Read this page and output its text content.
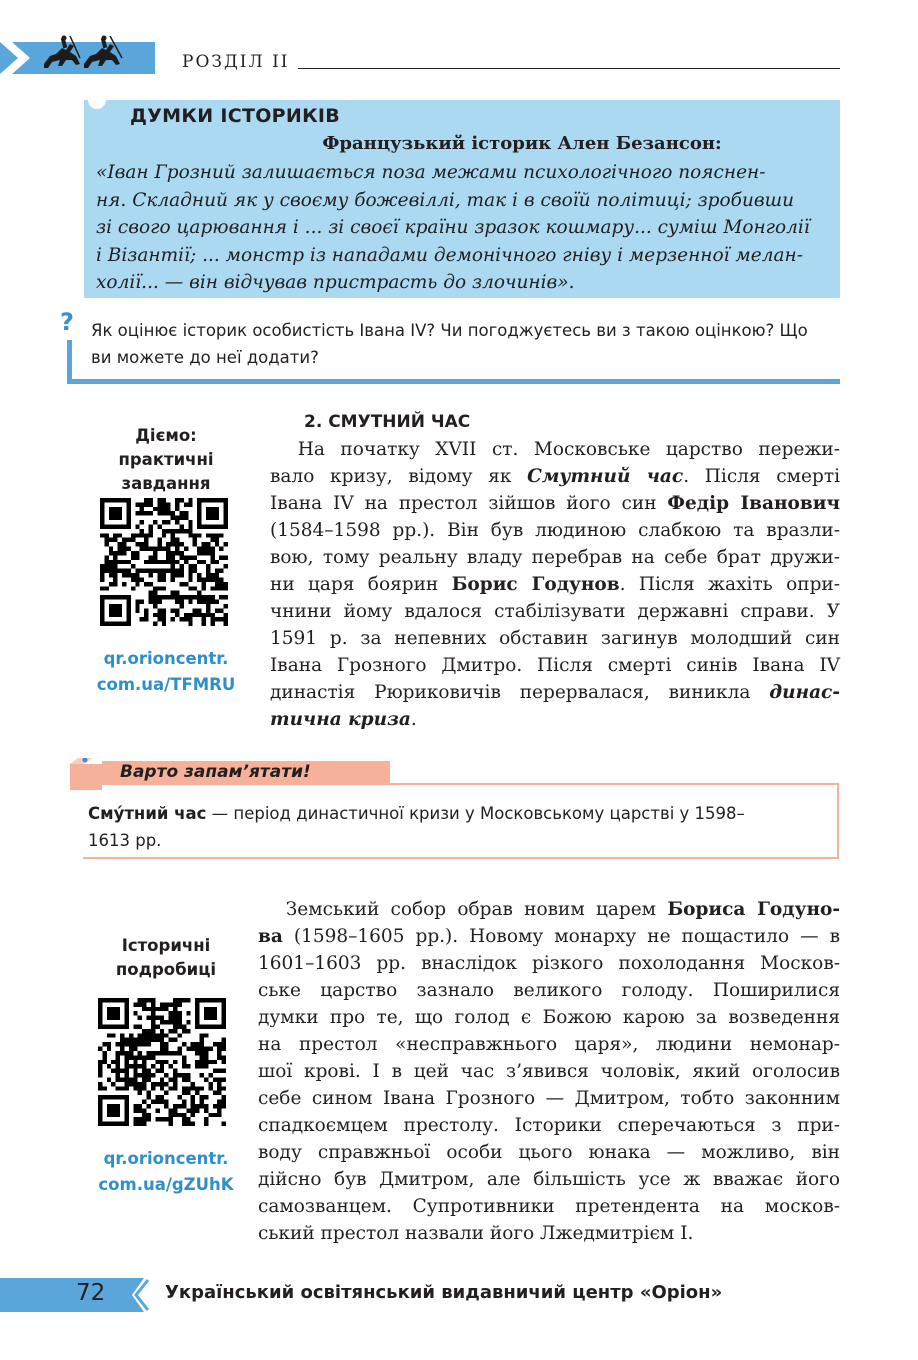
РОЗДІЛ II
ДУМКИ ІСТОРИКІВ
Французький історик Ален Безансон:
«Іван Грозний залишається поза межами психологічного пояснен-
ня. Складний як у своєму божевіллі, так і в своїй політиці; зробивши
зі свого царювання і ... зі своєї країни зразок кошмару... суміш Монголії
і Візантії; ... монстр із нападами демонічного гніву і мерзенної мелан-
холії... — він відчував пристрасть до злочинів».
? Як оцінює історик особистість Івана IV? Чи погоджуєтесь ви з такою оцінкою? Що
ви можете до неї додати?
Діємо:
практичні
завдання
qr.orioncentr.
com.ua/TFMRU
2. СМУТНИЙ ЧАС
  На початку XVII ст. Московське царство пережи-
вало кризу, відому як Смутний час. Після смерті
Івана IV на престол зійшов його син Федір Іванович
(1584–1598 рр.). Він був людиною слабкою та вразли-
вою, тому реальну владу перебрав на себе брат дружи-
ни царя боярин Борис Годунов. Після жахіть опри-
чнини йому вдалося стабілізувати державні справи. У
1591 р. за непевних обставин загинув молодший син
Івана Грозного Дмитро. Після смерті синів Івана IV
династія Рюриковичів перервалася, виникла динас-
тична криза.
Варто запам’ятати!
Сму́тний час — період династичної кризи у Московському царстві у 1598–
1613 рр.
Історичні
подробиці
qr.orioncentr.
com.ua/gZUhK
  Земський собор обрав новим царем Бориса Годуно-
ва (1598–1605 рр.). Новому монарху не пощастило — в
1601–1603 рр. внаслідок різкого похолодання Москов-
ське царство зазнало великого голоду. Поширилися
думки про те, що голод є Божою карою за возведення
на престол «несправжнього царя», людини немонар-
шої крові. І в цей час з’явився чоловік, який оголосив
себе сином Івана Грозного — Дмитром, тобто законним
спадкоємцем престолу. Історики сперечаються з при-
воду справжньої особи цього юнака — можливо, він
дійсно був Дмитром, але більшість усе ж вважає його
самозванцем. Супротивники претендента на москов-
ський престол назвали його Лжедмитрієм І.
72	Український освітянський видавничий центр «Оріон»
